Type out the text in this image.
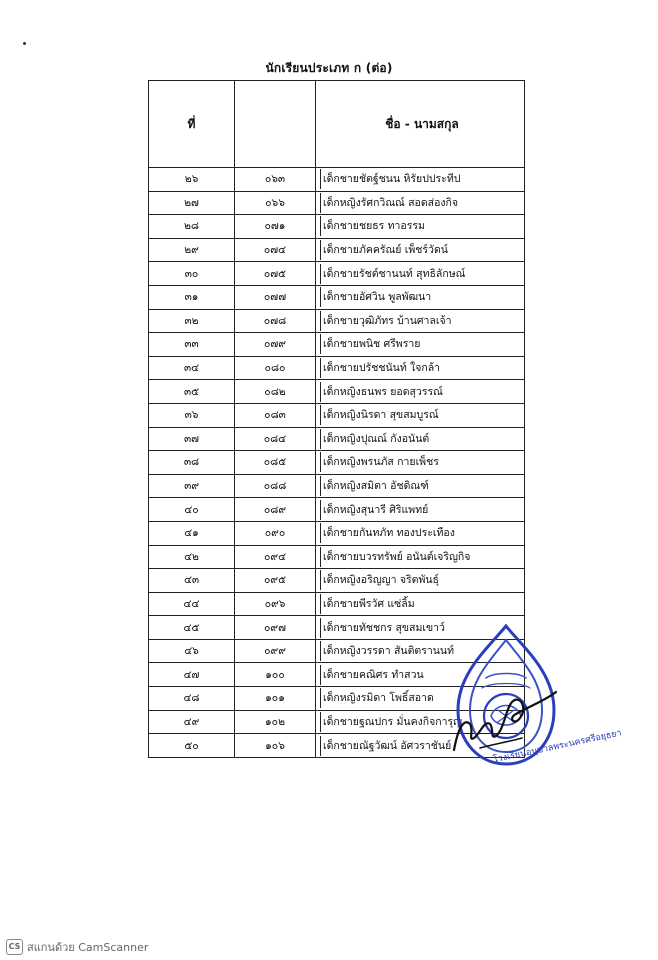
นักเรียนประเภท ก (ต่อ)
ที่		ชื่อ - นามสกุล
๒๖	๐๖๓	เด็กชายชัตฐ์ชนน หิรัยปประทีป
๒๗	๐๖๖	เด็กหญิงรัศกวิณณ์ สอดส่องกิจ
๒๘	๐๗๑	เด็กชายชยธร ทาอรรม
๒๙	๐๗๔	เด็กชายภัคครัณย์ เพ็ชร์วัดน์
๓๐	๐๗๕	เด็กชายรัชต์ชานนท์ สุทธิลักษณ์
๓๑	๐๗๗	เด็กชายอัศวิน พูลพัฒนา
๓๒	๐๗๘	เด็กชายวุฒิภัทร บ้านศาลเจ้า
๓๓	๐๗๙	เด็กชายพนิช ศรีพราย
๓๔	๐๘๐	เด็กชายปรัชชนันท์ ใจกล้า
๓๕	๐๘๒	เด็กหญิงธนพร ยอดสุวรรณ์
๓๖	๐๘๓	เด็กหญิงนิรดา สุขสมบูรณ์
๓๗	๐๘๔	เด็กหญิงปุณณ์ กังอนันต์
๓๘	๐๘๕	เด็กหญิงพรนภัส กายเพ็ชร
๓๙	๐๘๘	เด็กหญิงสมิตา อัชดิณฑ์
๔๐	๐๘๙	เด็กหญิงสุนารี ศิริแพทย์
๔๑	๐๙๐	เด็กชายกันทภัท ทองประเทือง
๔๒	๐๙๔	เด็กชายบวรทรัพย์ อนันต์เจริญกิจ
๔๓	๐๙๕	เด็กหญิงอริญญา จริตพันธุ์
๔๔	๐๙๖	เด็กชายพีรวัศ แซ่ลิ้ม
๔๕	๐๙๗	เด็กชายทัชชกร สุขสมเขาว์
๔๖	๐๙๙	เด็กหญิงวรรดา สันติตรานนท์
๔๗	๑๐๐	เด็กชายคณิศร ทำสวน
๔๘	๑๐๑	เด็กหญิงรมิดา โพธิ์สอาด
๔๙	๑๐๒	เด็กชายฐณปกร มั่นคงกิจการุญ
๕๐	๑๐๖	เด็กชายณัฐวัฒน์ อัศวราชันย์	โรงเรียนอนุบาลพระนครศรีอยุธยา
CS สแกนด้วย CamScanner
